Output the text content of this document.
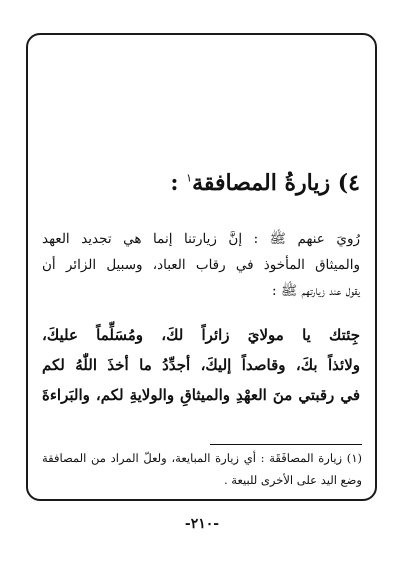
٤) زيارةُ المصافقة$^١$ :
رُويَ عنهم ﷺ : إنَّ زيارتنا إنما هي تجديد العهد
والميثاق المأخوذ في رقاب العباد، وسبيل الزائر أن
يقول عند زيارتهم ﷺ :
جِئتك يا مولايَ زائراً لكَ، ومُسَلِّماً عليكَ،
ولائذاً بكَ، وقاصداً إليكَ، أجدِّدُ ما أخذَ اللّٰهُ لكم
في رقبتي منَ العهْدِ والميثاقِ والولايةِ لكم، والبَراءةَ
(١) زيارة المصافَقَة : أي زيارة المبايعة، ولعلّ المراد من المصافقة
وضع اليد على الأخرى للبيعة .
-٢١٠-
